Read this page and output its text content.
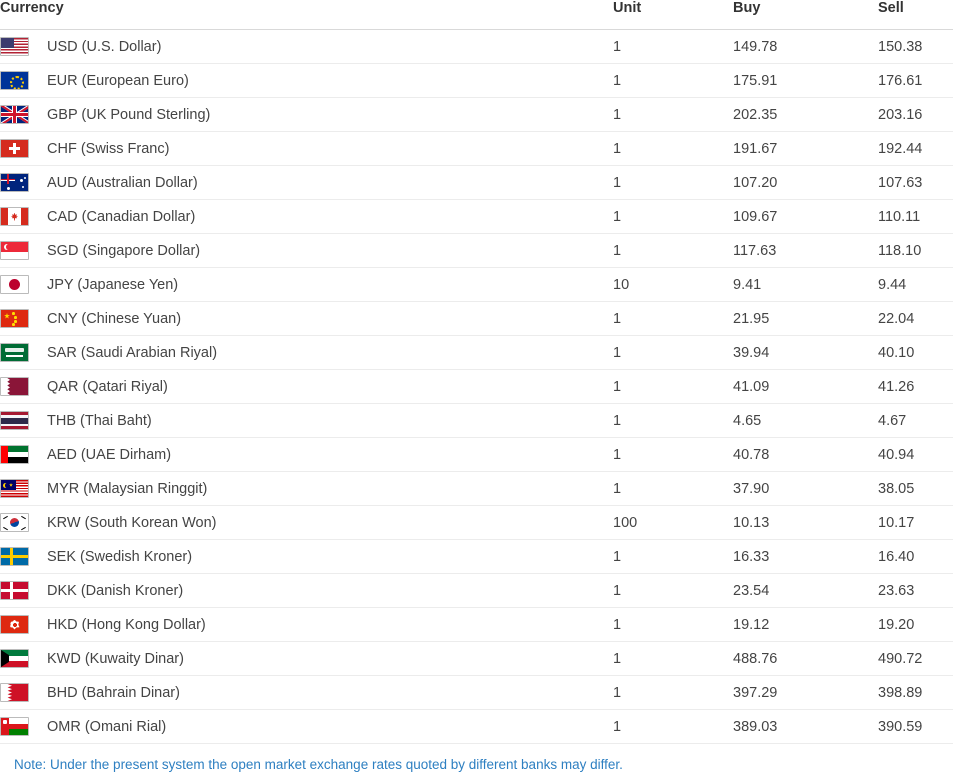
Currency	Unit	Buy	Sell

USD (U.S. Dollar)	1	149.78	150.38

EUR (European Euro)	1	175.91	176.61

GBP (UK Pound Sterling)	1	202.35	203.16

CHF (Swiss Franc)	1	191.67	192.44

AUD (Australian Dollar)	1	107.20	107.63

CAD (Canadian Dollar)	1	109.67	110.11

SGD (Singapore Dollar)	1	117.63	118.10

JPY (Japanese Yen)	10	9.41	9.44

CNY (Chinese Yuan)	1	21.95	22.04

SAR (Saudi Arabian Riyal)	1	39.94	40.10

QAR (Qatari Riyal)	1	41.09	41.26

THB (Thai Baht)	1	4.65	4.67

AED (UAE Dirham)	1	40.78	40.94

MYR (Malaysian Ringgit)	1	37.90	38.05

KRW (South Korean Won)	100	10.13	10.17

SEK (Swedish Kroner)	1	16.33	16.40

DKK (Danish Kroner)	1	23.54	23.63

HKD (Hong Kong Dollar)	1	19.12	19.20

KWD (Kuwaity Dinar)	1	488.76	490.72

BHD (Bahrain Dinar)	1	397.29	398.89

OMR (Omani Rial)	1	389.03	390.59
Note: Under the present system the open market exchange rates quoted by different banks may differ.
